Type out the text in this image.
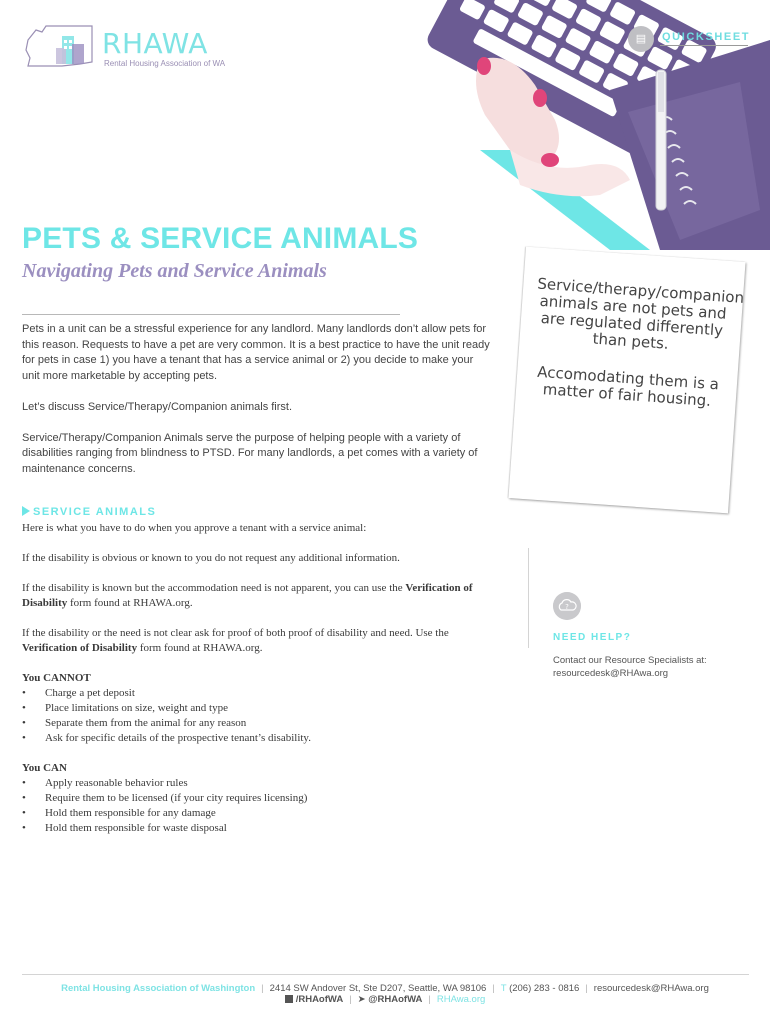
RHAWA
Rental Housing Association of WA
▤	QUICKSHEET
PETS & SERVICE ANIMALS
Navigating Pets and Service Animals

Pets in a unit can be a stressful experience for any landlord. Many landlords don’t allow pets for this reason. Requests to have a pet are very common. It is a best practice to have the unit ready for pets in case 1) you have a tenant that has a service animal or 2) you decide to make your unit more marketable by accepting pets.

Let’s discuss Service/Therapy/Companion animals first.

Service/Therapy/Companion Animals serve the purpose of helping people with a variety of disabilities ranging from blindness to PTSD. For many landlords, a pet comes with a variety of maintenance concerns.

Service/therapy/companion animals are not pets and are regulated differently than pets.

Accomodating them is a matter of fair housing.

SERVICE ANIMALS

Here is what you have to do when you approve a tenant with a service animal:

If the disability is obvious or known to you do not request any additional information.

If the disability is known but the accommodation need is not apparent, you can use the Verification of Disability form found at RHAWA.org.

If the disability or the need is not clear ask for proof of both proof of disability and need. Use the Verification of Disability form found at RHAWA.org.

You CANNOT

• Charge a pet deposit
• Place limitations on size, weight and type
• Separate them from the animal for any reason
• Ask for specific details of the prospective tenant’s disability.

You CAN

• Apply reasonable behavior rules
• Require them to be licensed (if your city requires licensing)
• Hold them responsible for any damage
• Hold them responsible for waste disposal
?
NEED HELP?
Contact our Resource Specialists at:
resourcedesk@RHAwa.org
Rental Housing Association of Washington | 2414 SW Andover St, Ste D207, Seattle, WA 98106 | T (206) 283 - 0816 | resourcedesk@RHAwa.org
/RHAofWA | ➤ @RHAofWA | RHAwa.org
